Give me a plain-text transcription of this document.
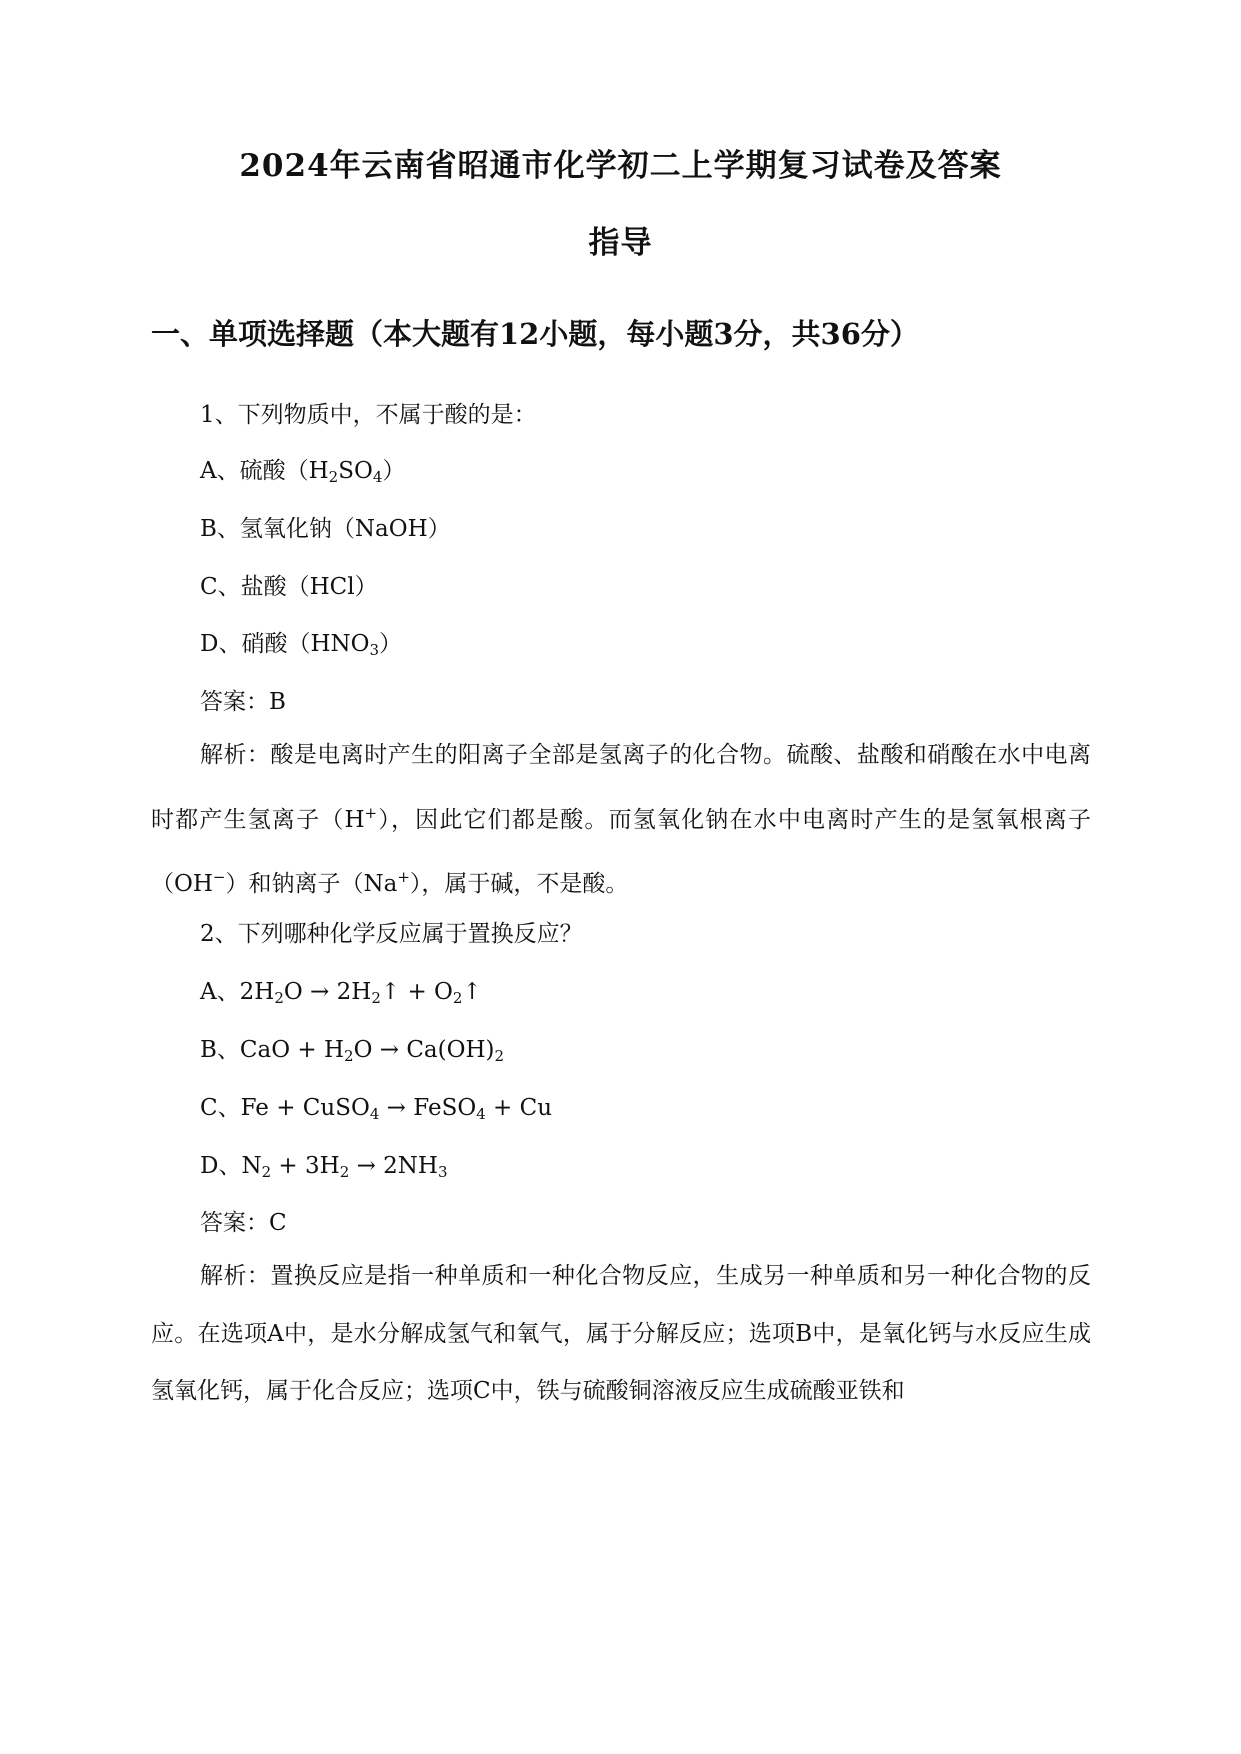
2024年云南省昭通市化学初二上学期复习试卷及答案
指导
一、单项选择题（本大题有12小题，每小题3分，共36分）
1、下列物质中，不属于酸的是：
A、硫酸$(H_2SO_4)$
B、氢氧化钠（NaOH）
C、盐酸（HCl）
D、硝酸$(HNO_3)$
答案：B
解析：酸是电离时产生的阳离子全部是氢离子的化合物。硫酸、盐酸和硝酸在水中电离时都产生氢离子（H+），因此它们都是酸。而氢氧化钠在水中电离时产生的是氢氧根离子（OH−）和钠离子（Na+），属于碱，不是酸。
2、下列哪种化学反应属于置换反应？
A、$2H_2O$ → $2H_2↑$ + $O_2↑$
B、CaO + $H_2O \to Ca(OH)_2$
C、Fe + CuSO$_4$ → FeSO$_4$ + Cu
D、$N_2 + 3H_2 \to 2NH_3$
答案：C
解析：置换反应是指一种单质和一种化合物反应，生成另一种单质和另一种化合物的反应。在选项A中，是水分解成氢气和氧气，属于分解反应；选项B中，是氧化钙与水反应生成氢氧化钙，属于化合反应；选项C中，铁与硫酸铜溶液反应生成硫酸亚铁和
